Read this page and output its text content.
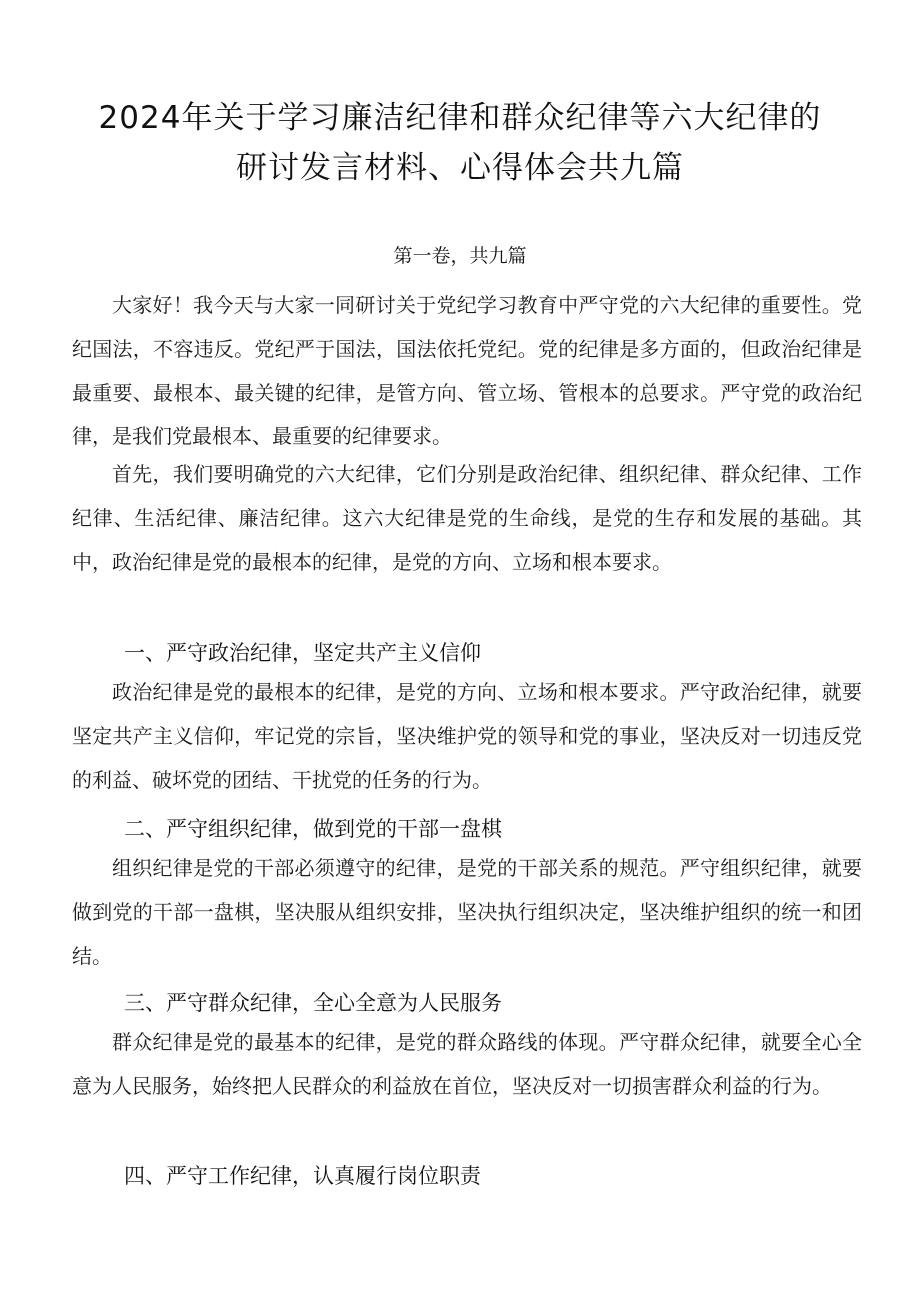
2024年关于学习廉洁纪律和群众纪律等六大纪律的
研讨发言材料、心得体会共九篇
第一卷，共九篇

大家好！我今天与大家一同研讨关于党纪学习教育中严守党的六大纪律的重要性。党纪国法，不容违反。党纪严于国法，国法依托党纪。党的纪律是多方面的，但政治纪律是最重要、最根本、最关键的纪律，是管方向、管立场、管根本的总要求。严守党的政治纪律，是我们党最根本、最重要的纪律要求。

首先，我们要明确党的六大纪律，它们分别是政治纪律、组织纪律、群众纪律、工作纪律、生活纪律、廉洁纪律。这六大纪律是党的生命线，是党的生存和发展的基础。其中，政治纪律是党的最根本的纪律，是党的方向、立场和根本要求。

一、严守政治纪律，坚定共产主义信仰

政治纪律是党的最根本的纪律，是党的方向、立场和根本要求。严守政治纪律，就要坚定共产主义信仰，牢记党的宗旨，坚决维护党的领导和党的事业，坚决反对一切违反党的利益、破坏党的团结、干扰党的任务的行为。

二、严守组织纪律，做到党的干部一盘棋

组织纪律是党的干部必须遵守的纪律，是党的干部关系的规范。严守组织纪律，就要做到党的干部一盘棋，坚决服从组织安排，坚决执行组织决定，坚决维护组织的统一和团结。

三、严守群众纪律，全心全意为人民服务

群众纪律是党的最基本的纪律，是党的群众路线的体现。严守群众纪律，就要全心全意为人民服务，始终把人民群众的利益放在首位，坚决反对一切损害群众利益的行为。

四、严守工作纪律，认真履行岗位职责
